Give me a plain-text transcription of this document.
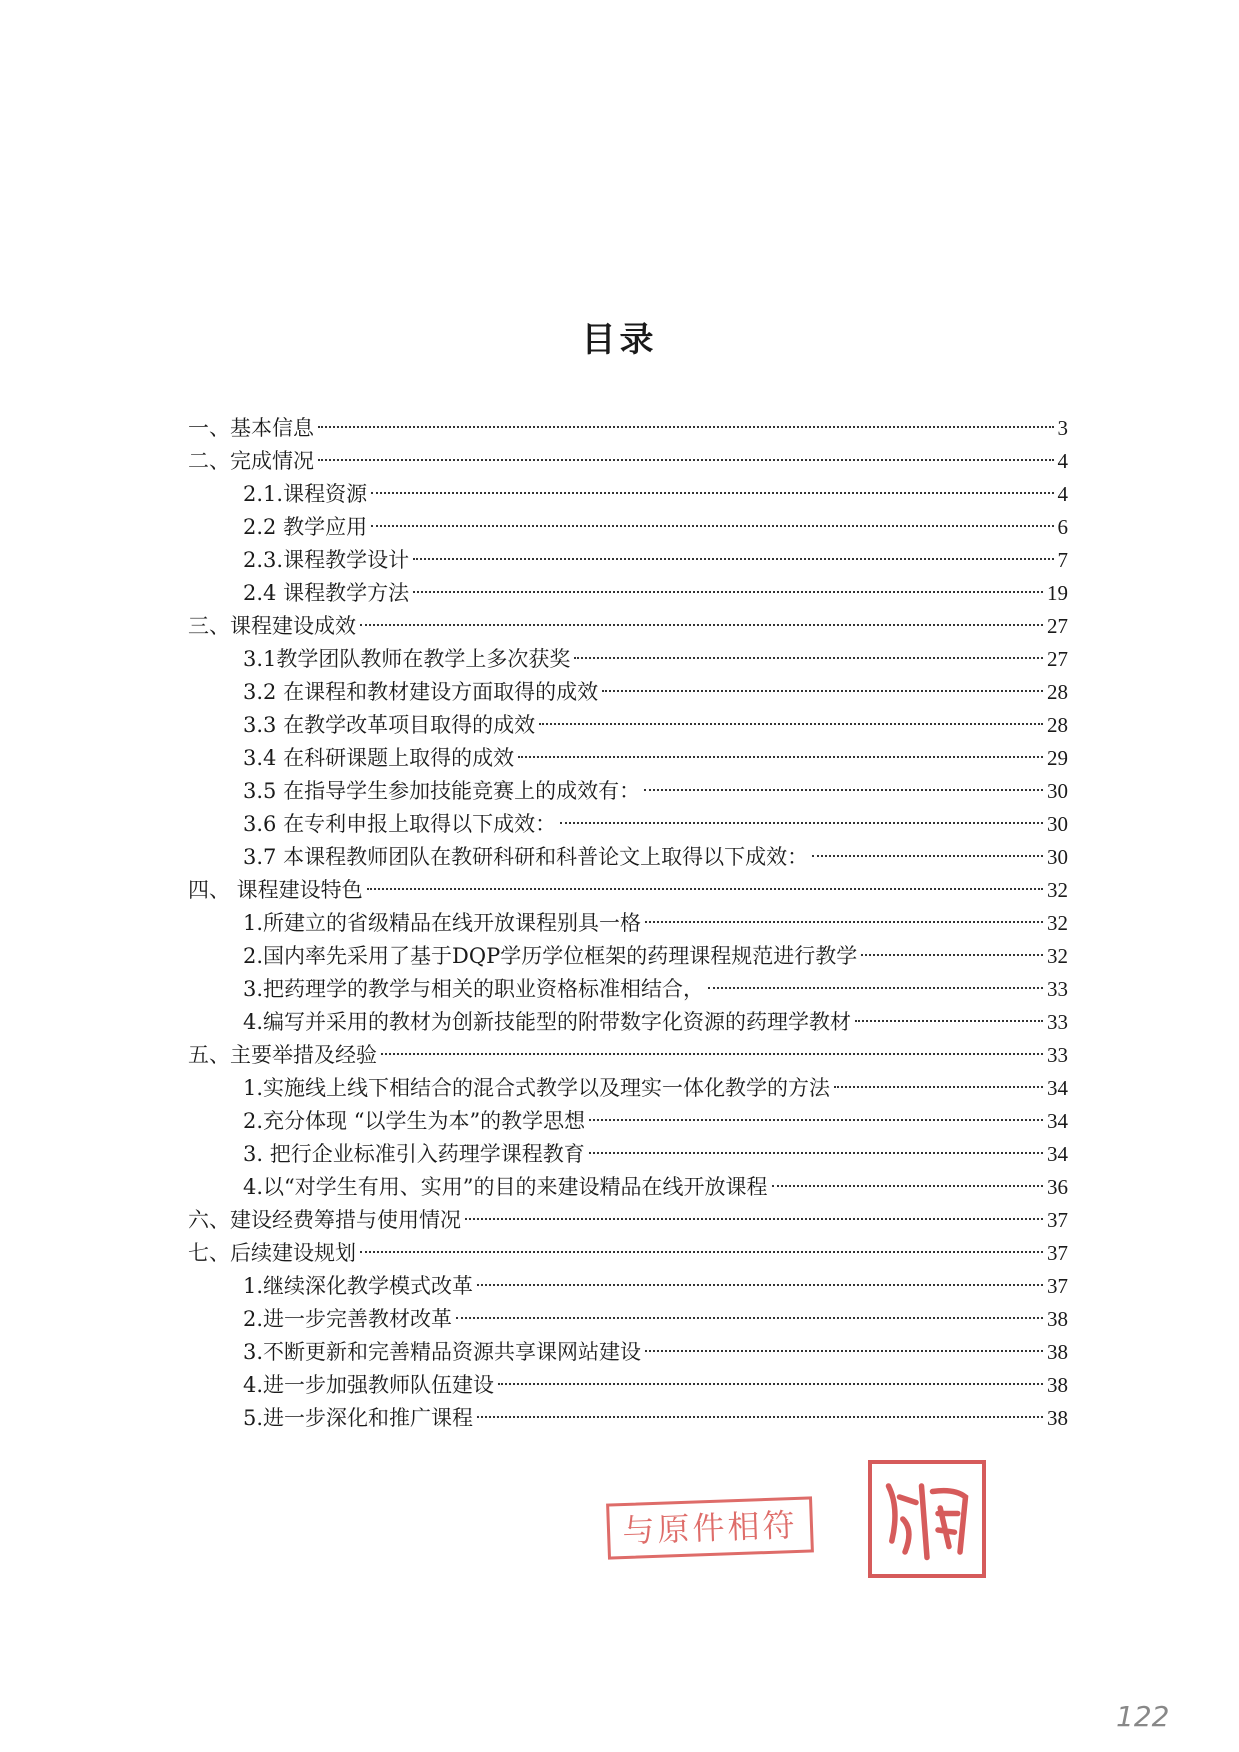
目录
一、基本信息	3
二、完成情况	4
2.1.课程资源	4
2.2 教学应用	6
2.3.课程教学设计	7
2.4 课程教学方法	19
三、课程建设成效	27
3.1教学团队教师在教学上多次获奖	27
3.2 在课程和教材建设方面取得的成效	28
3.3 在教学改革项目取得的成效	28
3.4 在科研课题上取得的成效	29
3.5 在指导学生参加技能竞赛上的成效有：	30
3.6 在专利申报上取得以下成效：	30
3.7 本课程教师团队在教研科研和科普论文上取得以下成效：	30
四、 课程建设特色	32
1.所建立的省级精品在线开放课程别具一格	32
2.国内率先采用了基于DQP学历学位框架的药理课程规范进行教学	32
3.把药理学的教学与相关的职业资格标准相结合，	33
4.编写并采用的教材为创新技能型的附带数字化资源的药理学教材	33
五、主要举措及经验	33
1.实施线上线下相结合的混合式教学以及理实一体化教学的方法	34
2.充分体现 “以学生为本”的教学思想	34
3. 把行企业标准引入药理学课程教育	34
4.以“对学生有用、实用”的目的来建设精品在线开放课程	36
六、建设经费筹措与使用情况	37
七、后续建设规划	37
1.继续深化教学模式改革	37
2.进一步完善教材改革	38
3.不断更新和完善精品资源共享课网站建设	38
4.进一步加强教师队伍建设	38
5.进一步深化和推广课程	38
与原件相符
122
